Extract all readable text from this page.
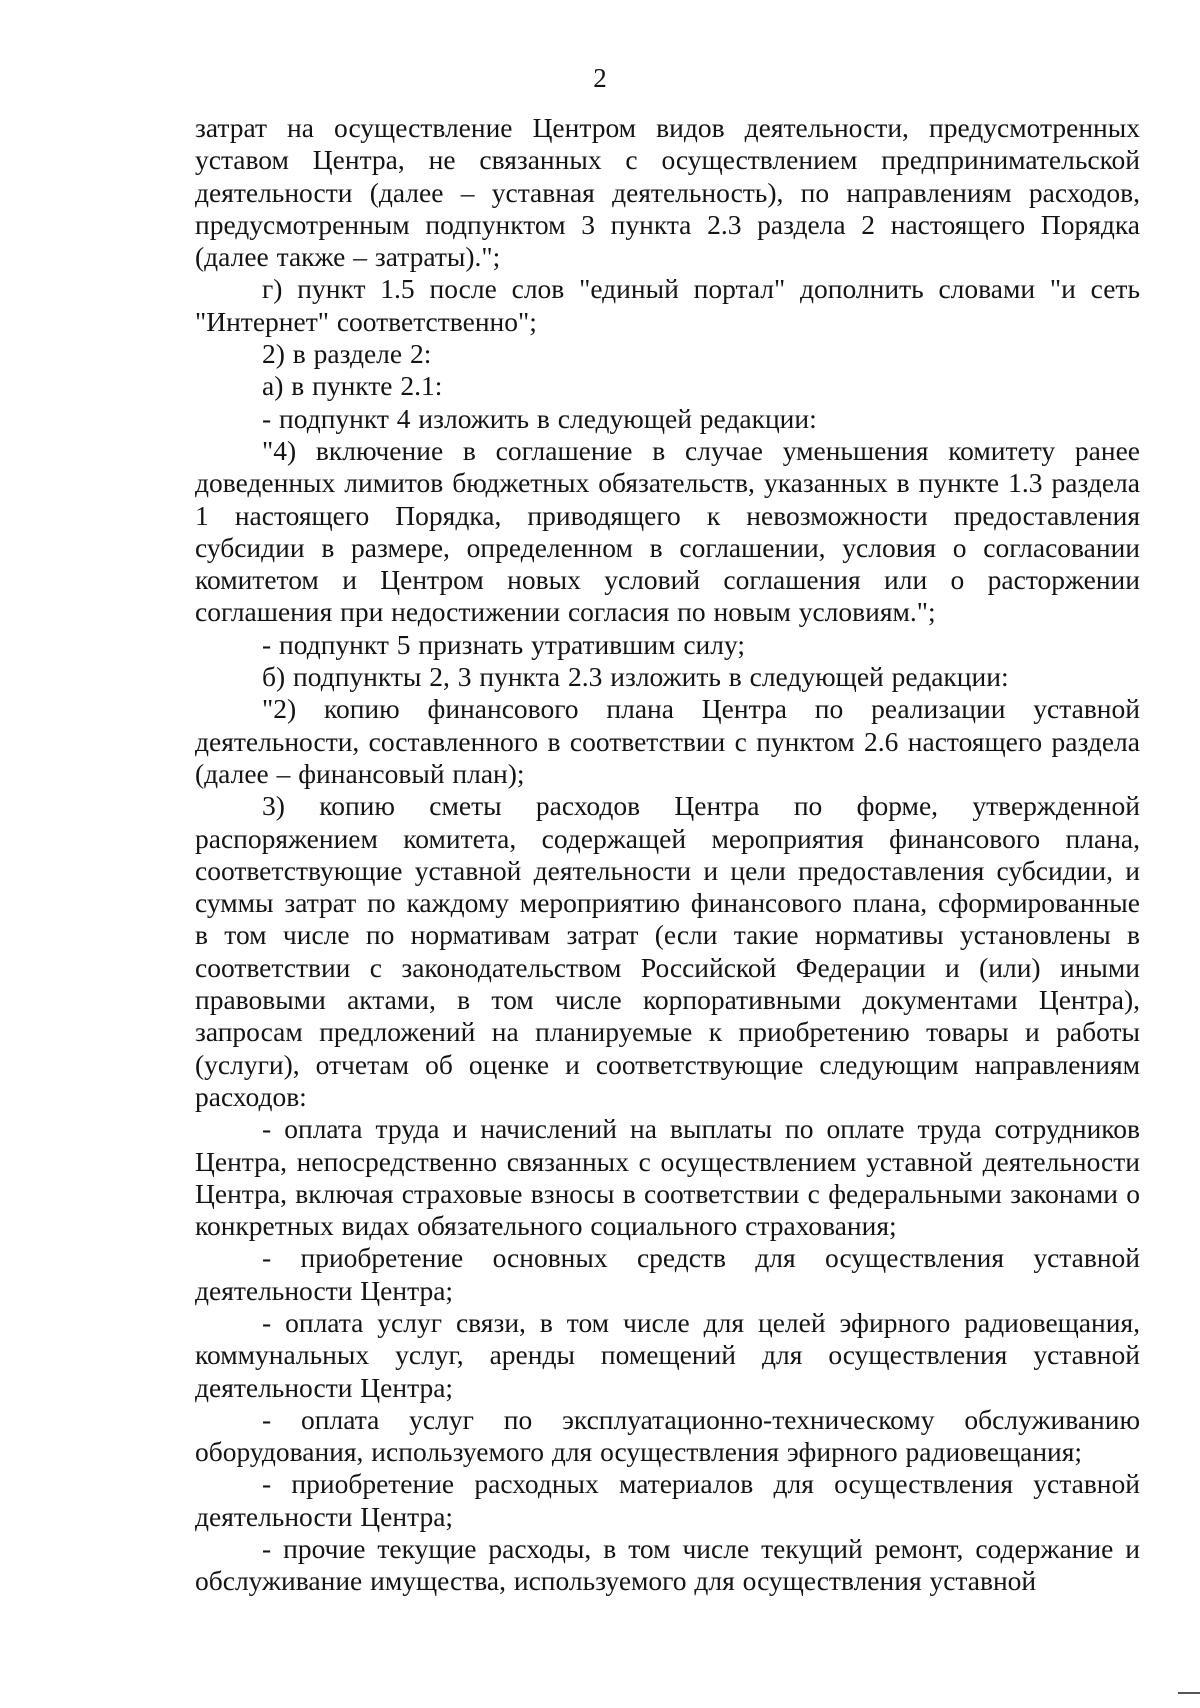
2

затрат на осуществление Центром видов деятельности, предусмотренных уставом Центра, не связанных с осуществлением предпринимательской деятельности (далее – уставная деятельность), по направлениям расходов, предусмотренным подпунктом 3 пункта 2.3 раздела 2 настоящего Порядка (далее также – затраты).";

г) пункт 1.5 после слов "единый портал" дополнить словами "и сеть "Интернет" соответственно";

2) в разделе 2:

а) в пункте 2.1:

- подпункт 4 изложить в следующей редакции:

"4) включение в соглашение в случае уменьшения комитету ранее доведенных лимитов бюджетных обязательств, указанных в пункте 1.3 раздела 1 настоящего Порядка, приводящего к невозможности предоставления субсидии в размере, определенном в соглашении, условия о согласовании комитетом и Центром новых условий соглашения или о расторжении соглашения при недостижении согласия по новым условиям.";

- подпункт 5 признать утратившим силу;

б) подпункты 2, 3 пункта 2.3 изложить в следующей редакции:

"2) копию финансового плана Центра по реализации уставной деятельности, составленного в соответствии с пунктом 2.6 настоящего раздела (далее – финансовый план);

3) копию сметы расходов Центра по форме, утвержденной распоряжением комитета, содержащей мероприятия финансового плана, соответствующие уставной деятельности и цели предоставления субсидии, и суммы затрат по каждому мероприятию финансового плана, сформированные в том числе по нормативам затрат (если такие нормативы установлены в соответствии с законодательством Российской Федерации и (или) иными правовыми актами, в том числе корпоративными документами Центра), запросам предложений на планируемые к приобретению товары и работы (услуги), отчетам об оценке и соответствующие следующим направлениям расходов:

- оплата труда и начислений на выплаты по оплате труда сотрудников Центра, непосредственно связанных с осуществлением уставной деятельности Центра, включая страховые взносы в соответствии с федеральными законами о конкретных видах обязательного социального страхования;

- приобретение основных средств для осуществления уставной деятельности Центра;

- оплата услуг связи, в том числе для целей эфирного радиовещания, коммунальных услуг, аренды помещений для осуществления уставной деятельности Центра;

- оплата услуг по эксплуатационно-техническому обслуживанию оборудования, используемого для осуществления эфирного радиовещания;

- приобретение расходных материалов для осуществления уставной деятельности Центра;

- прочие текущие расходы, в том числе текущий ремонт, содержание и обслуживание имущества, используемого для осуществления уставной
